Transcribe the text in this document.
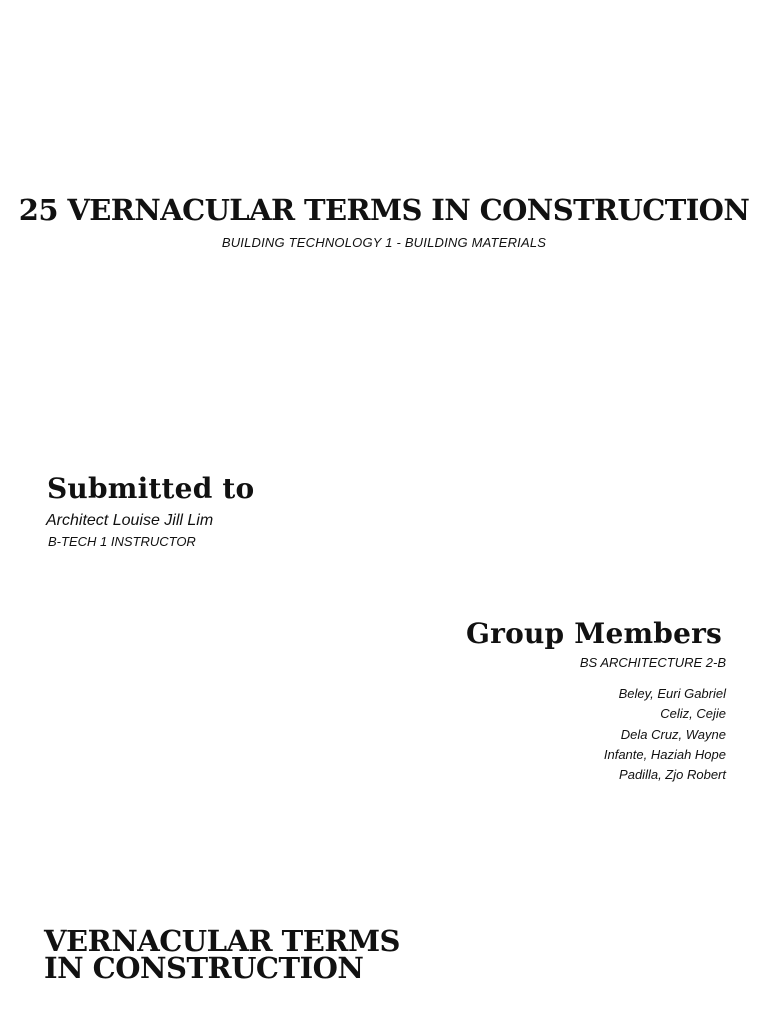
25 VERNACULAR TERMS IN CONSTRUCTION
BUILDING TECHNOLOGY 1 - BUILDING MATERIALS
Submitted to
Architect Louise Jill Lim
B-TECH 1 INSTRUCTOR
Group Members
BS ARCHITECTURE 2-B
Beley, Euri Gabriel
Celiz, Cejie
Dela Cruz, Wayne
Infante, Haziah Hope
Padilla, Zjo Robert
VERNACULAR TERMS
IN CONSTRUCTION
